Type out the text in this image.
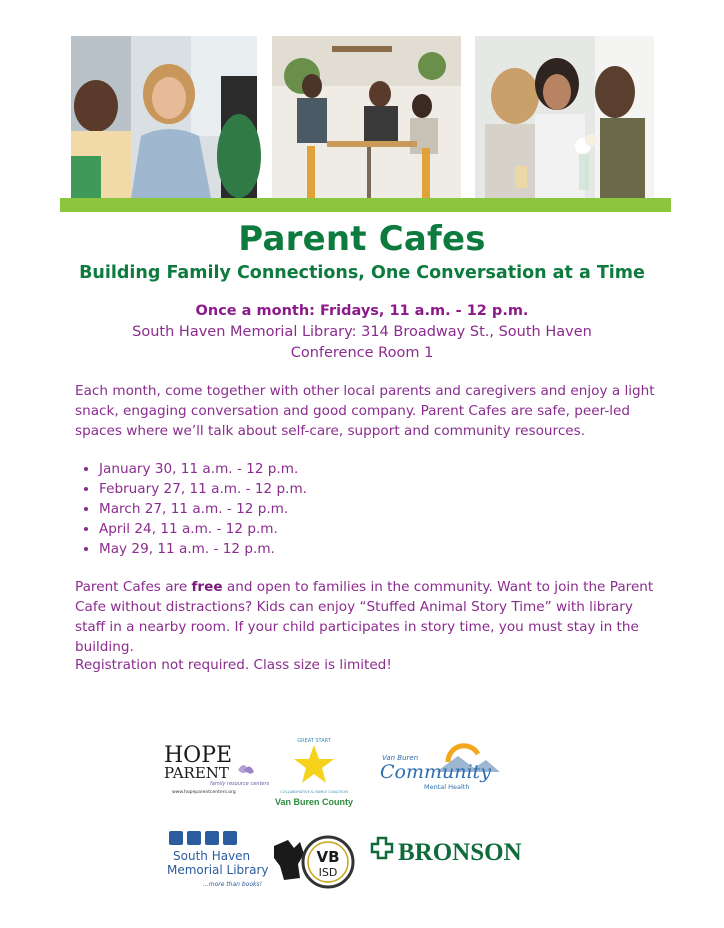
Parent Cafes
Building Family Connections, One Conversation at a Time
Once a month: Fridays, 11 a.m. - 12 p.m.
South Haven Memorial Library: 314 Broadway St., South Haven
Conference Room 1

Each month, come together with other local parents and caregivers and enjoy a light snack, engaging conversation and good company. Parent Cafes are safe, peer-led spaces where we’ll talk about self-care, support and community resources.

• January 30, 11 a.m. - 12 p.m.
• February 27, 11 a.m. - 12 p.m.
• March 27, 11 a.m. - 12 p.m.
• April 24, 11 a.m. - 12 p.m.
• May 29, 11 a.m. - 12 p.m.

Parent Cafes are free and open to families in the community. Want to join the Parent Cafe without distractions? Kids can enjoy “Stuffed Animal Story Time” with library staff in a nearby room. If your child participates in story time, you must stay in the building.

Registration not required. Class size is limited!

HOPE
PARENT
family resource centers
www.hopeparentcenters.org
GREAT START
COLLABORATIVE & FAMILY COALITION
Van Buren County
Van Buren
Community
Mental Health
South Haven
Memorial Library
...more than books!
VB
ISD
BRONSON
